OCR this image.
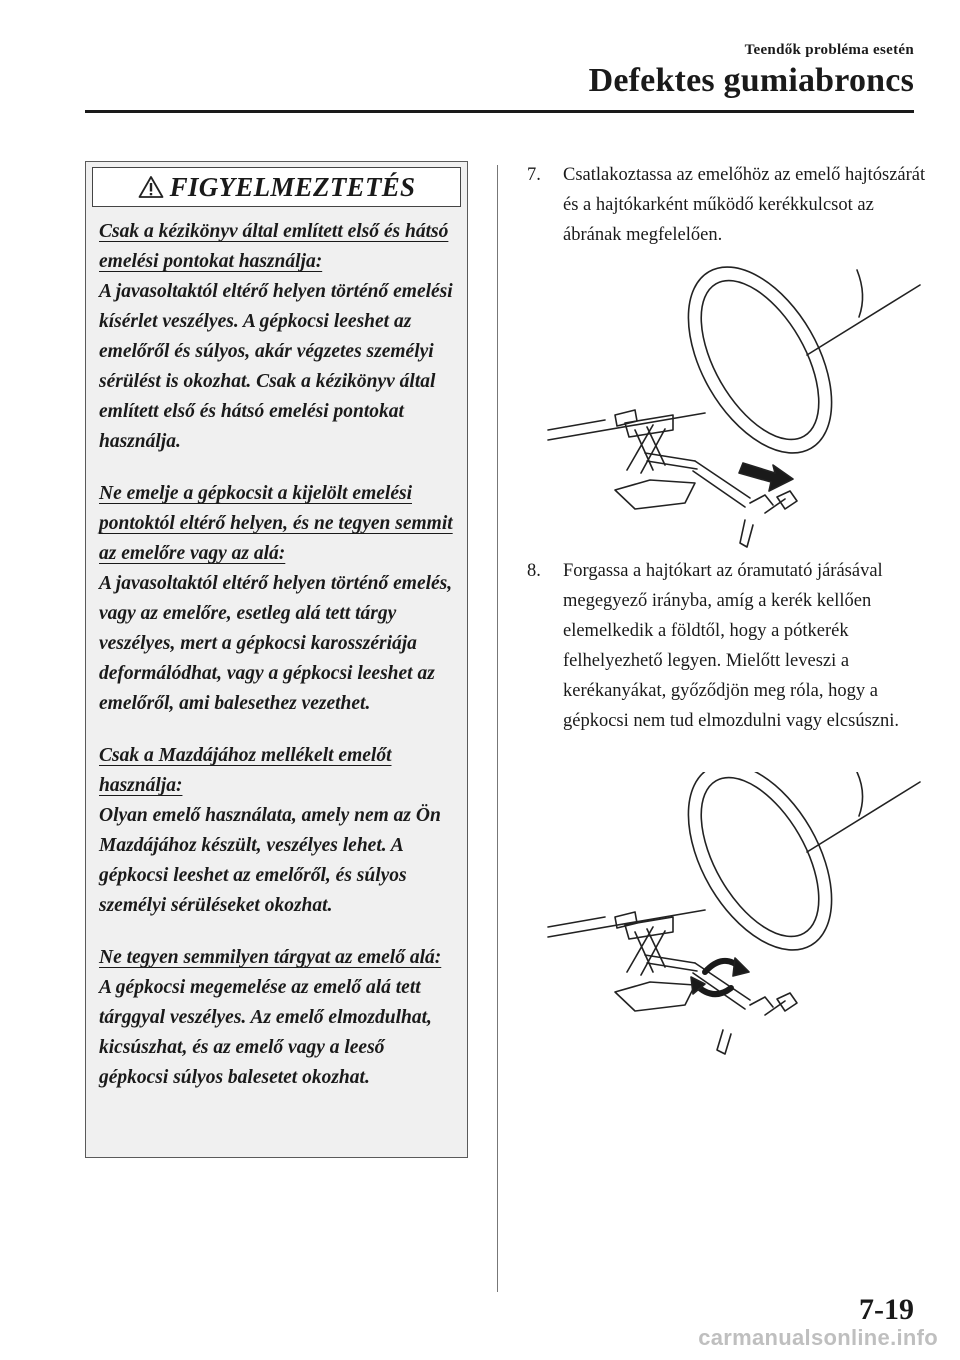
Teendők probléma esetén
Defektes gumiabroncs
FIGYELMEZTETÉS
Csak a kézikönyv által említett első és hátsó emelési pontokat használja:
A javasoltaktól eltérő helyen történő emelési kísérlet veszélyes. A gépkocsi leeshet az emelőről és súlyos, akár végzetes személyi sérülést is okozhat. Csak a kézikönyv által említett első és hátsó emelési pontokat használja.
Ne emelje a gépkocsit a kijelölt emelési pontoktól eltérő helyen, és ne tegyen semmit az emelőre vagy az alá:
A javasoltaktól eltérő helyen történő emelés, vagy az emelőre, esetleg alá tett tárgy veszélyes, mert a gépkocsi karosszériája deformálódhat, vagy a gépkocsi leeshet az emelőről, ami balesethez vezethet.
Csak a Mazdájához mellékelt emelőt használja:
Olyan emelő használata, amely nem az Ön Mazdájához készült, veszélyes lehet. A gépkocsi leeshet az emelőről, és súlyos személyi sérüléseket okozhat.
Ne tegyen semmilyen tárgyat az emelő alá:
A gépkocsi megemelése az emelő alá tett tárggyal veszélyes. Az emelő elmozdulhat, kicsúszhat, és az emelő vagy a leeső gépkocsi súlyos balesetet okozhat.
7. Csatlakoztassa az emelőhöz az emelő hajtószárát és a hajtókarként működő kerékkulcsot az ábrának megfelelően.
8. Forgassa a hajtókart az óramutató járásával megegyező irányba, amíg a kerék kellően elemelkedik a földtől, hogy a pótkerék felhelyezhető legyen. Mielőtt leveszi a kerékanyákat, győződjön meg róla, hogy a gépkocsi nem tud elmozdulni vagy elcsúszni.
7-19
carmanualsonline.info
